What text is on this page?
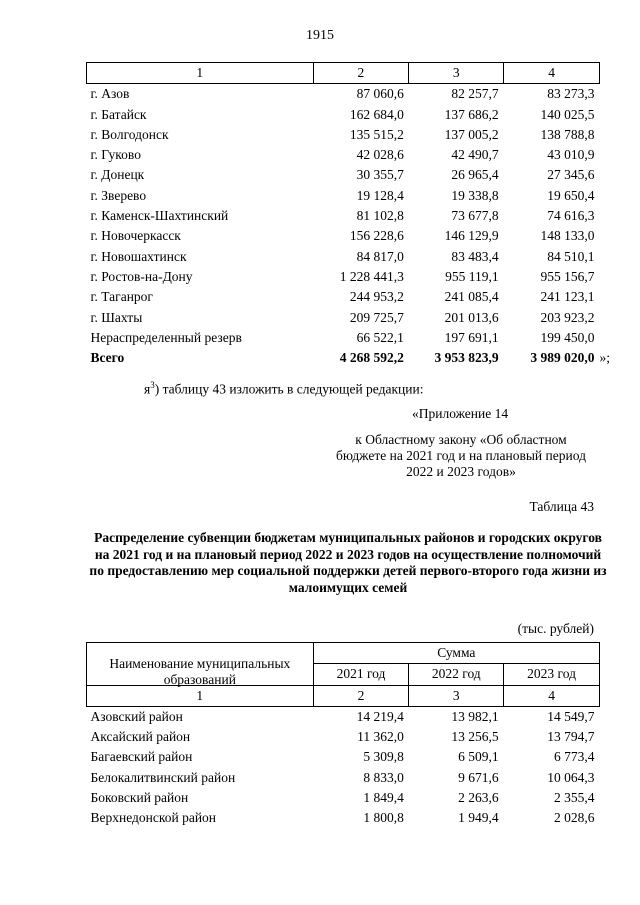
1915
1	2	3	4
г. Азов	87 060,6	82 257,7	83 273,3
г. Батайск	162 684,0	137 686,2	140 025,5
г. Волгодонск	135 515,2	137 005,2	138 788,8
г. Гуково	42 028,6	42 490,7	43 010,9
г. Донецк	30 355,7	26 965,4	27 345,6
г. Зверево	19 128,4	19 338,8	19 650,4
г. Каменск-Шахтинский	81 102,8	73 677,8	74 616,3
г. Новочеркасск	156 228,6	146 129,9	148 133,0
г. Новошахтинск	84 817,0	83 483,4	84 510,1
г. Ростов-на-Дону	1 228 441,3	955 119,1	955 156,7
г. Таганрог	244 953,2	241 085,4	241 123,1
г. Шахты	209 725,7	201 013,6	203 923,2
Нераспределенный резерв	66 522,1	197 691,1	199 450,0
Всего	4 268 592,2	3 953 823,9	3 989 020,0 »;
$я^3$) таблицу 43 изложить в следующей редакции:
«Приложение 14
к Областному закону «Об областном бюджете на 2021 год и на плановый период 2022 и 2023 годов»
Таблица 43
Распределение субвенции бюджетам муниципальных районов и городских округов на 2021 год и на плановый период 2022 и 2023 годов на осуществление полномочий по предоставлению мер социальной поддержки детей первого-второго года жизни из малоимущих семей
(тыс. рублей)
Наименование муниципальных образований	Сумма		
	2021 год	2022 год	2023 год
1	2	3	4
Азовский район	14 219,4	13 982,1	14 549,7
Аксайский район	11 362,0	13 256,5	13 794,7
Багаевский район	5 309,8	6 509,1	6 773,4
Белокалитвинский район	8 833,0	9 671,6	10 064,3
Боковский район	1 849,4	2 263,6	2 355,4
Верхнедонской район	1 800,8	1 949,4	2 028,6
